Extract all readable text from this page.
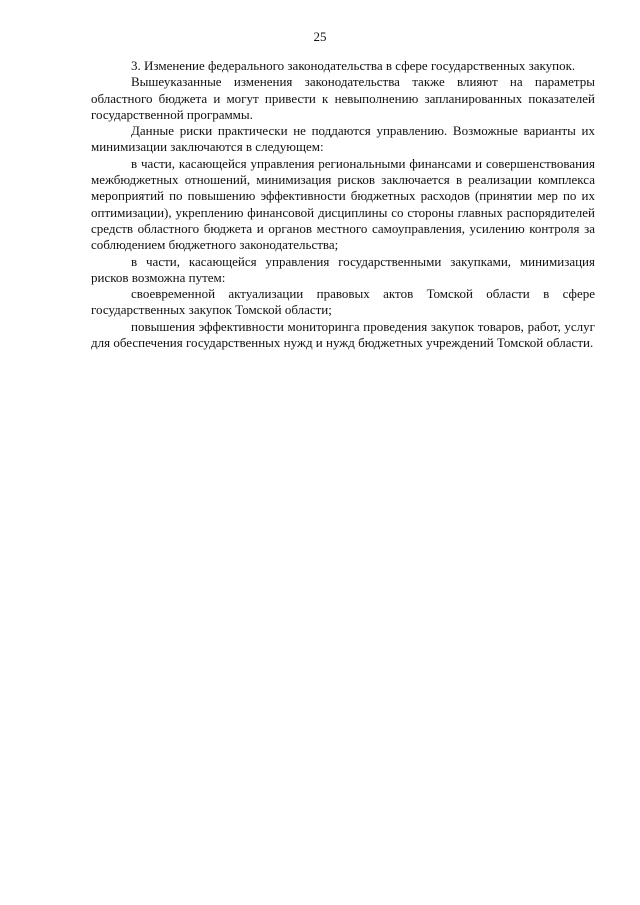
25

3. Изменение федерального законодательства в сфере государственных закупок.

Вышеуказанные изменения законодательства также влияют на параметры областного бюджета и могут привести к невыполнению запланированных показателей государственной программы.

Данные риски практически не поддаются управлению. Возможные варианты их минимизации заключаются в следующем:

в части, касающейся управления региональными финансами и совершенствования межбюджетных отношений, минимизация рисков заключается в реализации комплекса мероприятий по повышению эффективности бюджетных расходов (принятии мер по их оптимизации), укреплению финансовой дисциплины со стороны главных распорядителей средств областного бюджета и органов местного самоуправления, усилению контроля за соблюдением бюджетного законодательства;

в части, касающейся управления государственными закупками, минимизация рисков возможна путем:

своевременной актуализации правовых актов Томской области в сфере государственных закупок Томской области;

повышения эффективности мониторинга проведения закупок товаров, работ, услуг для обеспечения государственных нужд и нужд бюджетных учреждений Томской области.
